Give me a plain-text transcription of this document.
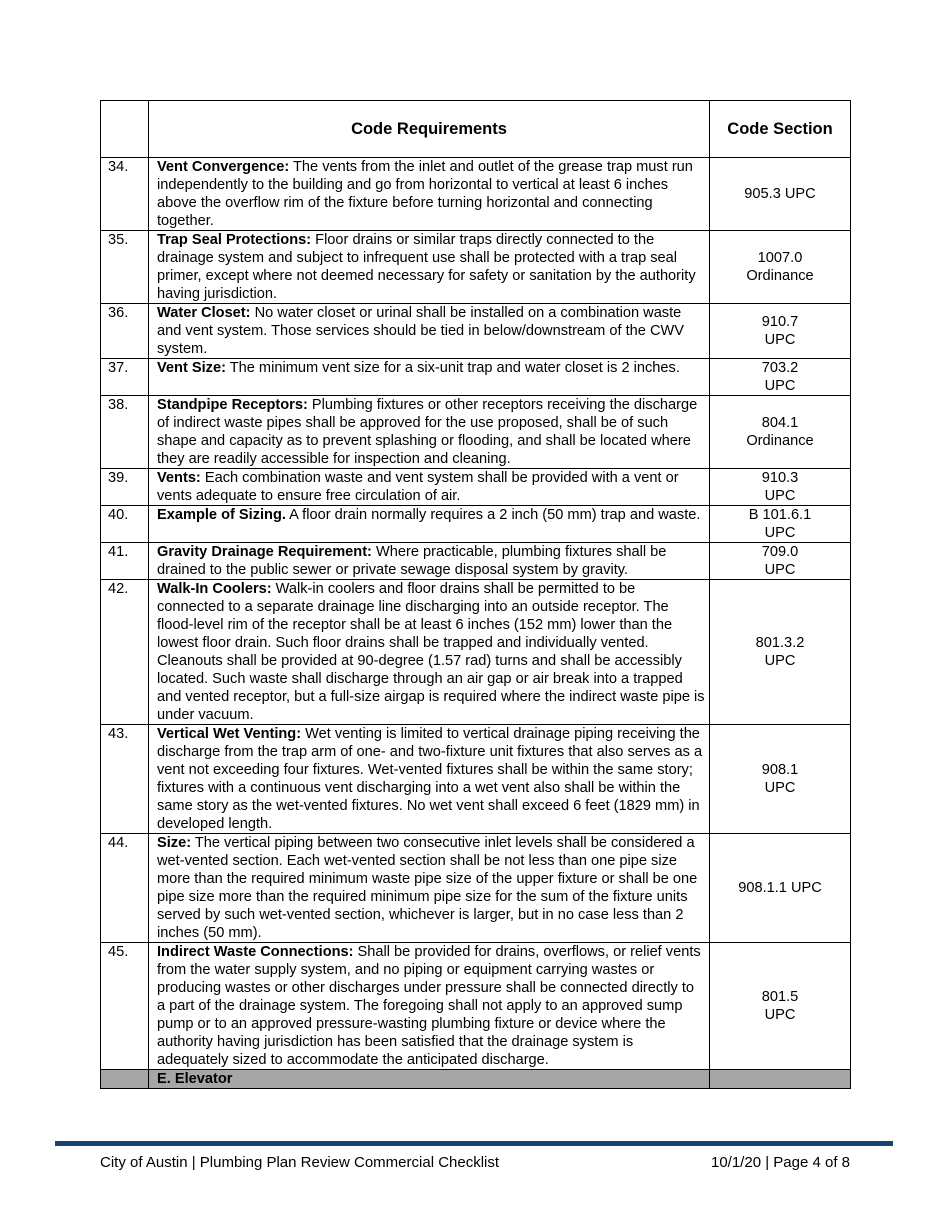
	Code Requirements	Code Section
34.	Vent Convergence: The vents from the inlet and outlet of the grease trap must run independently to the building and go from horizontal to vertical at least 6 inches above the overflow rim of the fixture before turning horizontal and connecting together.	905.3 UPC

35.	Trap Seal Protections: Floor drains or similar traps directly connected to the drainage system and subject to infrequent use shall be protected with a trap seal primer, except where not deemed necessary for safety or sanitation by the authority having jurisdiction.	1007.0
Ordinance

36.	Water Closet: No water closet or urinal shall be installed on a combination waste and vent system. Those services should be tied in below/downstream of the CWV system.	910.7
UPC

37.	Vent Size: The minimum vent size for a six-unit trap and water closet is 2 inches.	703.2
UPC

38.	Standpipe Receptors: Plumbing fixtures or other receptors receiving the discharge of indirect waste pipes shall be approved for the use proposed, shall be of such shape and capacity as to prevent splashing or flooding, and shall be located where they are readily accessible for inspection and cleaning.	804.1
Ordinance

39.	Vents: Each combination waste and vent system shall be provided with a vent or vents adequate to ensure free circulation of air.	910.3
UPC

40.	Example of Sizing. A floor drain normally requires a 2 inch (50 mm) trap and waste.	B 101.6.1
UPC

41.	Gravity Drainage Requirement: Where practicable, plumbing fixtures shall be drained to the public sewer or private sewage disposal system by gravity.	709.0
UPC

42.	Walk-In Coolers: Walk-in coolers and floor drains shall be permitted to be connected to a separate drainage line discharging into an outside receptor. The flood-level rim of the receptor shall be at least 6 inches (152 mm) lower than the lowest floor drain. Such floor drains shall be trapped and individually vented. Cleanouts shall be provided at 90-degree (1.57 rad) turns and shall be accessibly located. Such waste shall discharge through an air gap or air break into a trapped and vented receptor, but a full-size airgap is required where the indirect waste pipe is under vacuum.	801.3.2
UPC

43.	Vertical Wet Venting: Wet venting is limited to vertical drainage piping receiving the discharge from the trap arm of one- and two-fixture unit fixtures that also serves as a vent not exceeding four fixtures. Wet-vented fixtures shall be within the same story; fixtures with a continuous vent discharging into a wet vent also shall be within the same story as the wet-vented fixtures. No wet vent shall exceed 6 feet (1829 mm) in developed length.	908.1
UPC

44.	Size: The vertical piping between two consecutive inlet levels shall be considered a wet-vented section. Each wet-vented section shall be not less than one pipe size more than the required minimum waste pipe size of the upper fixture or shall be one pipe size more than the required minimum pipe size for the sum of the fixture units served by such wet-vented section, whichever is larger, but in no case less than 2 inches (50 mm).	908.1.1 UPC

45.	Indirect Waste Connections: Shall be provided for drains, overflows, or relief vents from the water supply system, and no piping or equipment carrying wastes or producing wastes or other discharges under pressure shall be connected directly to a part of the drainage system. The foregoing shall not apply to an approved sump pump or to an approved pressure-wasting plumbing fixture or device where the authority having jurisdiction has been satisfied that the drainage system is adequately sized to accommodate the anticipated discharge.	801.5
UPC

	E. Elevator	
City of Austin | Plumbing Plan Review Commercial Checklist	10/1/20 | Page 4 of 8
